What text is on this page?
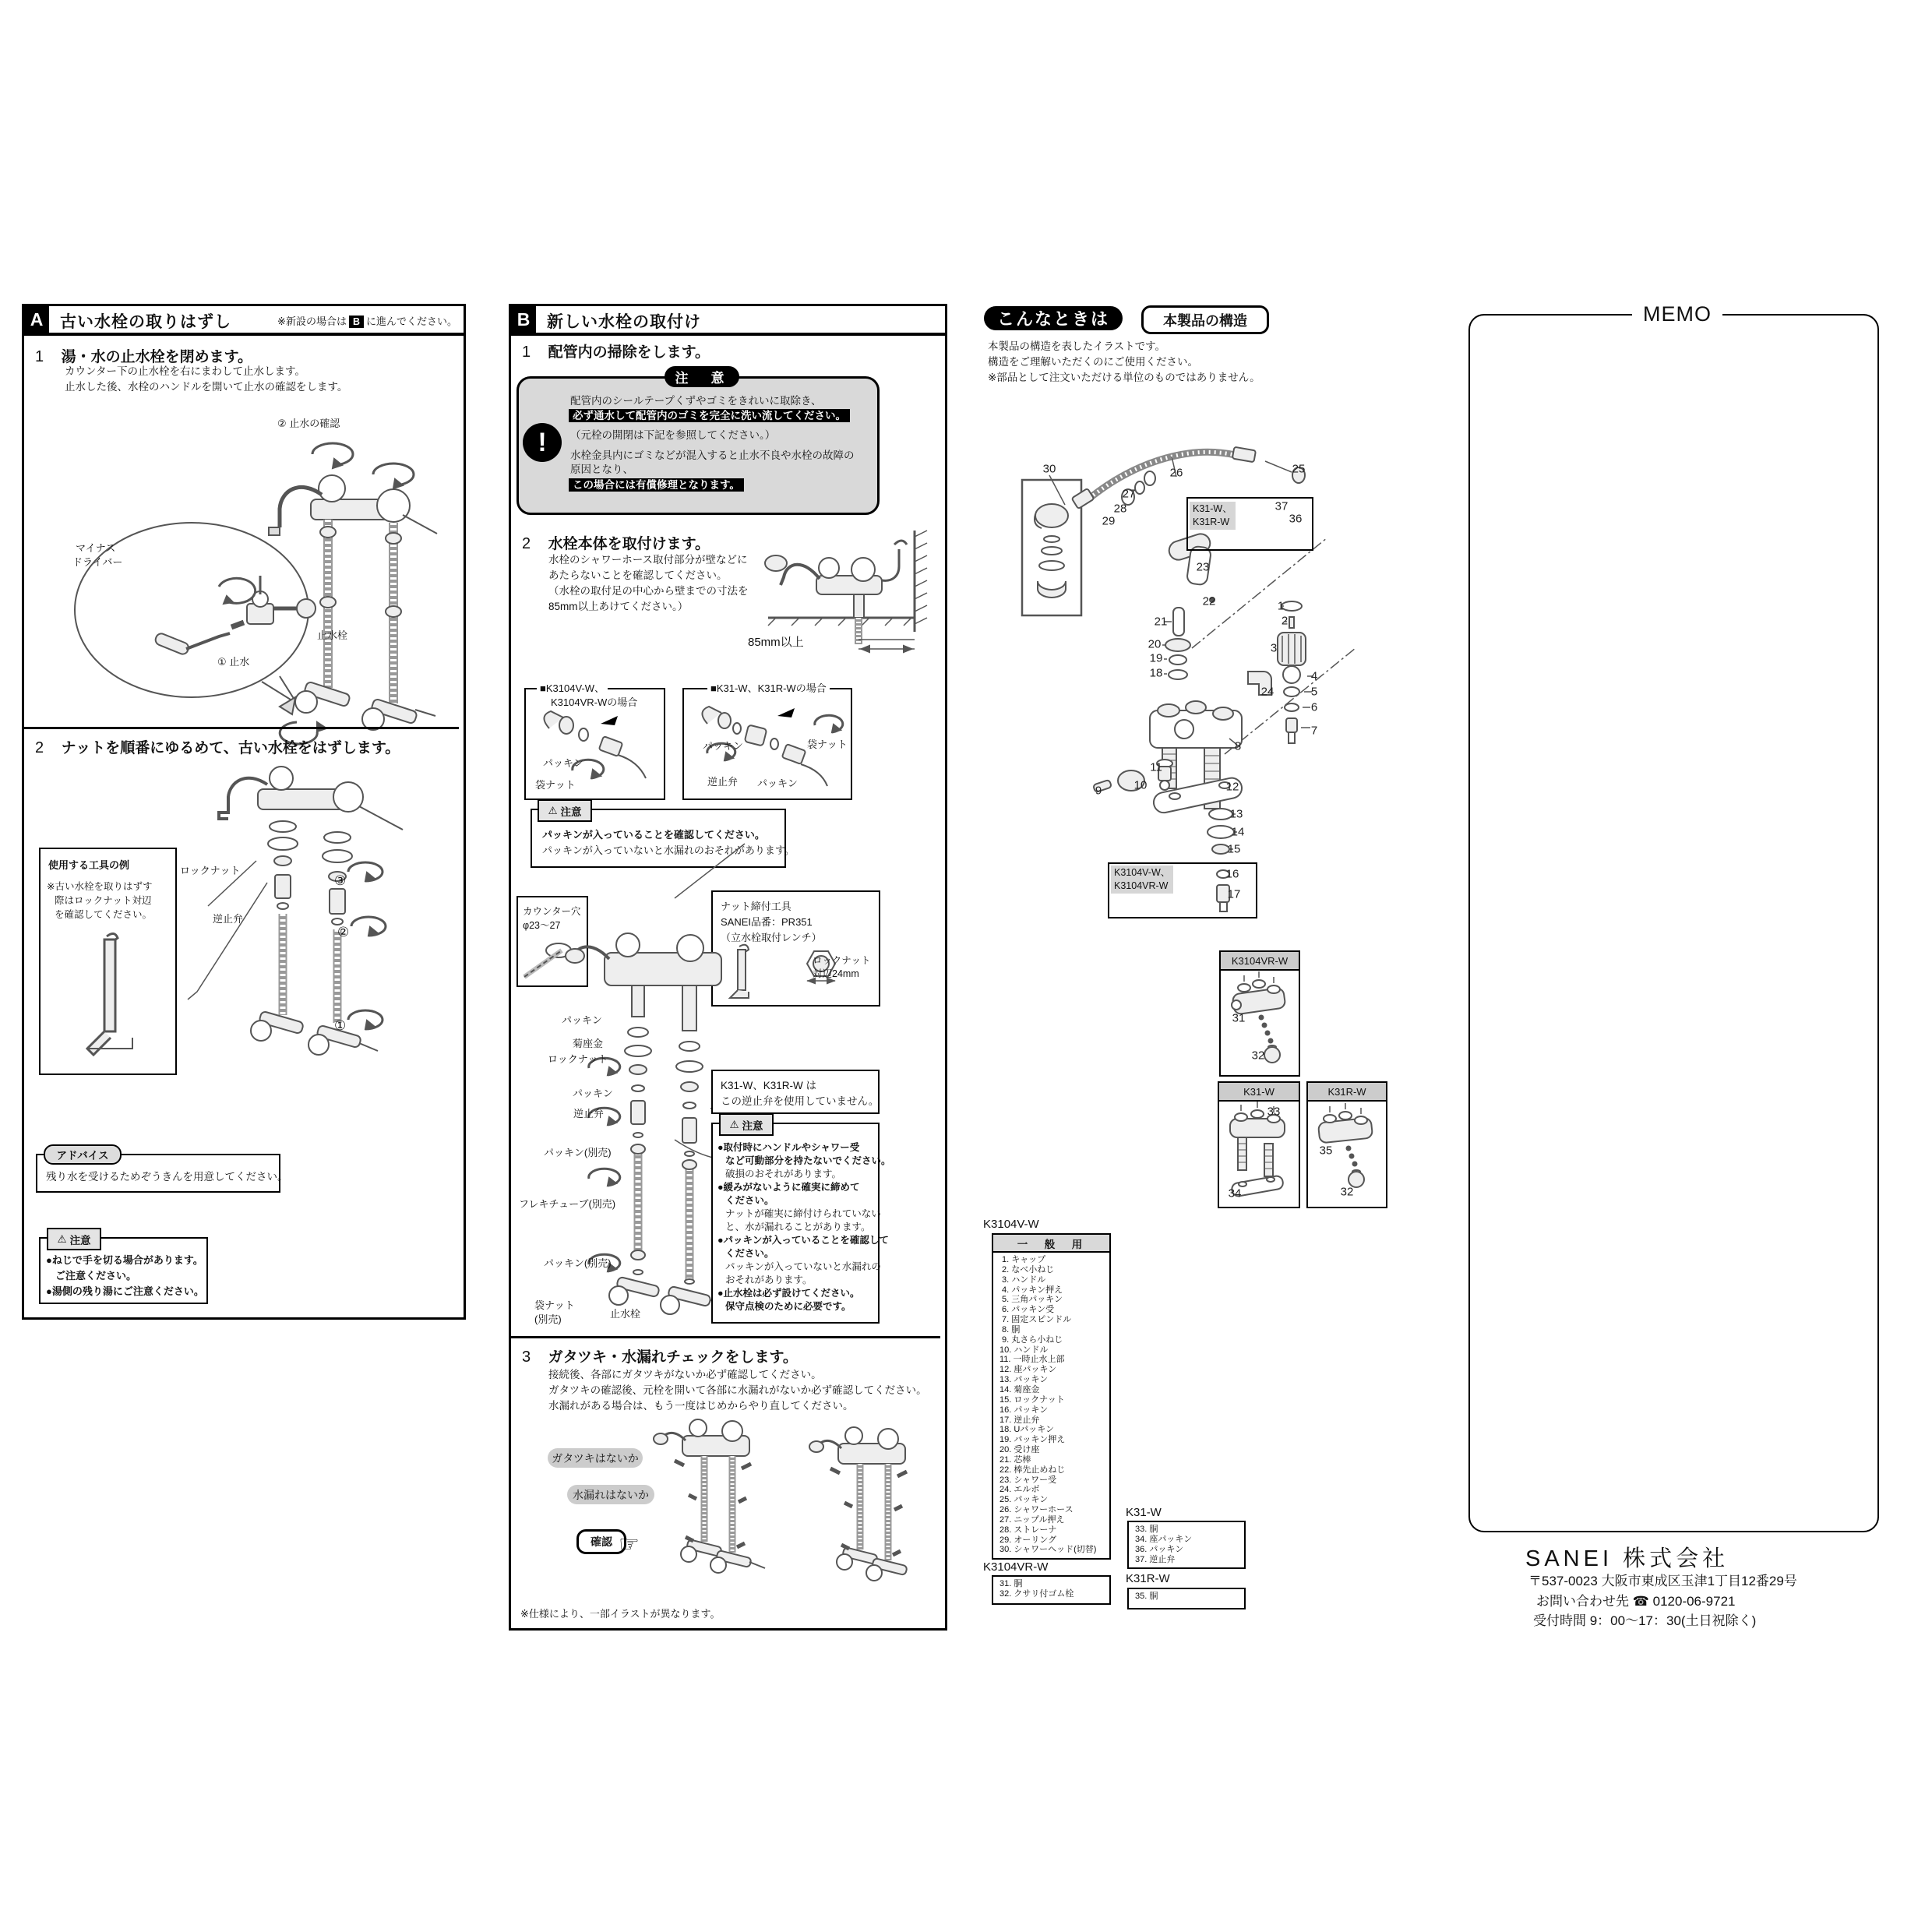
A	古い水栓の取りはずし	※新設の場合は B に進んでください。
1 湯・水の止水栓を閉めます。
カウンター下の止水栓を右にまわして止水します。
止水した後、水栓のハンドルを開いて止水の確認をします。
② 止水の確認
マイナス
ドライバー
止水栓
① 止水
2 ナットを順番にゆるめて、古い水栓をはずします。
使用する工具の例
※古い水栓を取りはずす
際はロックナット対辺
を確認してください。
ロックナット
逆止弁
③
②
①
アドバイス
残り水を受けるためぞうきんを用意してください。
⚠ 注意
●ねじで手を切る場合があります。
ご注意ください。
●湯側の残り湯にご注意ください。
B	新しい水栓の取付け
1 配管内の掃除をします。
注　意
!
配管内のシールテープくずやゴミをきれいに取除き、
必ず通水して配管内のゴミを完全に洗い流してください。
（元栓の開閉は下記を参照してください。）
水栓金具内にゴミなどが混入すると止水不良や水栓の故障の
原因となり、
この場合には有償修理となります。
2 水栓本体を取付けます。
水栓のシャワーホース取付部分が壁などに
あたらないことを確認してください。
（水栓の取付足の中心から壁までの寸法を
85mm以上あけてください。）
85mm以上
■K3104V-W、
K3104VR-Wの場合
パッキン
袋ナット
■K31-W、K31R-Wの場合
パッキン	袋ナット
逆止弁 パッキン
⚠ 注意
パッキンが入っていることを確認してください。
パッキンが入っていないと水漏れのおそれがあります。
カウンター穴
φ23～27
ナット締付工具
SANEI品番：PR351
（立水栓取付レンチ）
ロックナット
対辺24mm
パッキン
菊座金
ロックナット
パッキン
逆止弁
パッキン(別売)
フレキチューブ(別売)
パッキン(別売)
袋ナット
(別売)	止水栓
K31-W、K31R-W は
この逆止弁を使用していません。
⚠ 注意
●取付時にハンドルやシャワー受
など可動部分を持たないでください。
破損のおそれがあります。
●緩みがないように確実に締めて
ください。
ナットが確実に締付けられていない
と、水が漏れることがあります。
●パッキンが入っていることを確認して
ください。
パッキンが入っていないと水漏れの
おそれがあります。
●止水栓は必ず設けてください。
保守点検のために必要です。
3 ガタツキ・水漏れチェックをします。
接続後、各部にガタツキがないか必ず確認してください。
ガタツキの確認後、元栓を開いて各部に水漏れがないか必ず確認してください。
水漏れがある場合は、もう一度はじめからやり直してください。
ガタツキはないか
水漏れはないか
確認 ☞
※仕様により、一部イラストが異なります。
こんなときは	本製品の構造
本製品の構造を表したイラストです。
構造をご理解いただくのにご使用ください。
※部品として注文いただける単位のものではありません。
K31-W、
K31R-W
K3104V-W、
K3104VR-W
K3104VR-W
K31-W	K31R-W
30	26	25
27
28
29
37
36
23
22
21
20
19
18
1
2
3
4
5
6
7
24
8
11
10
9	12
13
14
15
16
17
31
32
33
34
35
32
K3104V-W
一　般　用
1. キャップ
2. なべ小ねじ
3. ハンドル
4. パッキン押え
5. 三角パッキン
6. パッキン受
7. 固定スピンドル
8. 胴
9. 丸さら小ねじ
10. ハンドル
11. 一時止水上部
12. 座パッキン
13. パッキン
14. 菊座金
15. ロックナット
16. パッキン
17. 逆止弁
18. Uパッキン
19. パッキン押え
20. 受け座
21. 芯棒
22. 棒先止めねじ
23. シャワー受
24. エルボ
25. パッキン
26. シャワーホース
27. ニップル押え
28. ストレーナ
29. オーリング
30. シャワーヘッド(切替)
K3104VR-W
31. 胴
32. クサリ付ゴム栓
K31-W
33. 胴
34. 座パッキン
36. パッキン
37. 逆止弁
K31R-W
35. 胴
MEMO
SANEI 株式会社
〒537-0023 大阪市東成区玉津1丁目12番29号
お問い合わせ先 ☎ 0120-06-9721
受付時間 9：00～17：30(土日祝除く)
